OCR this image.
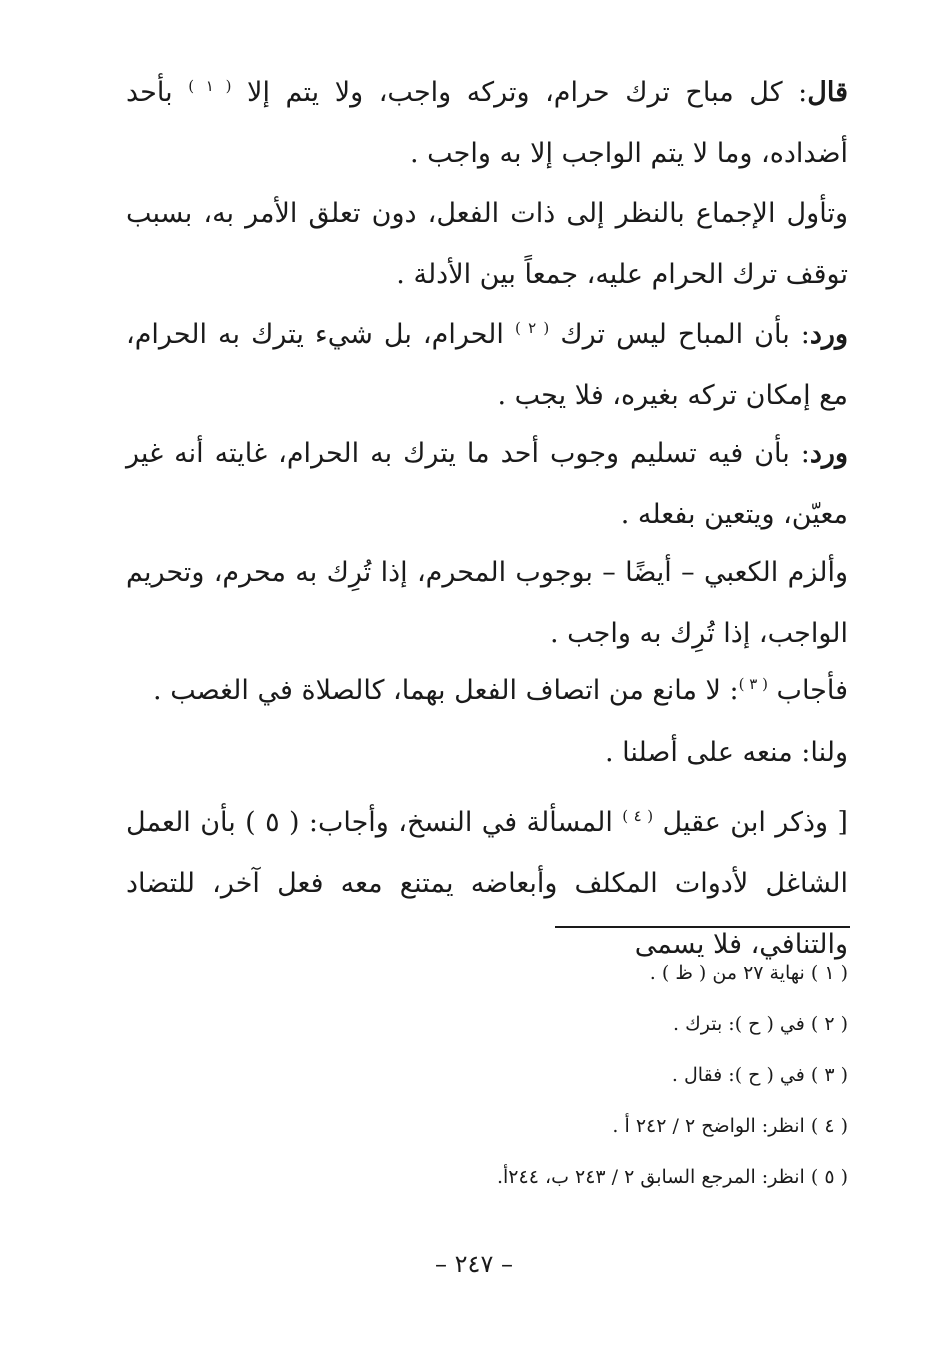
قال: كل مباح ترك حرام، وتركه واجب، ولا يتم إلا $^{( ١ )}$ بأحد أضداده، وما لا يتم الواجب إلا به واجب .

وتأول الإجماع بالنظر إلى ذات الفعل، دون تعلق الأمر به، بسبب توقف ترك الحرام عليه، جمعاً بين الأدلة .

ورد: بأن المباح ليس ترك $^{( ٢ )}$ الحرام، بل شيء يترك به الحرام، مع إمكان تركه بغيره، فلا يجب .

ورد: بأن فيه تسليم وجوب أحد ما يترك به الحرام، غايته أنه غير معيّن، ويتعين بفعله .

وألزم الكعبي – أيضًا – بوجوب المحرم، إذا تُرِك به محرم، وتحريم الواجب، إذا تُرِك به واجب .

فأجاب $^{( ٣ )}$: لا مانع من اتصاف الفعل بهما، كالصلاة في الغصب .

ولنا: منعه على أصلنا .

[ وذكر ابن عقيل $^{( ٤ )}$ المسألة في النسخ، وأجاب: ( ٥ ) بأن العمل الشاغل لأدوات المكلف وأبعاضه يمتنع معه فعل آخر، للتضاد والتنافي، فلا يسمى

( ١ ) نهاية ٢٧ من ( ظ ) .
( ٢ ) في ( ح ): بترك .
( ٣ ) في ( ح ): فقال .
( ٤ ) انظر: الواضح ٢ / ٢٤٢ أ .
( ٥ ) انظر: المرجع السابق ٢ / ٢٤٣ ب، ٢٤٤أ.
– ٢٤٧ –
